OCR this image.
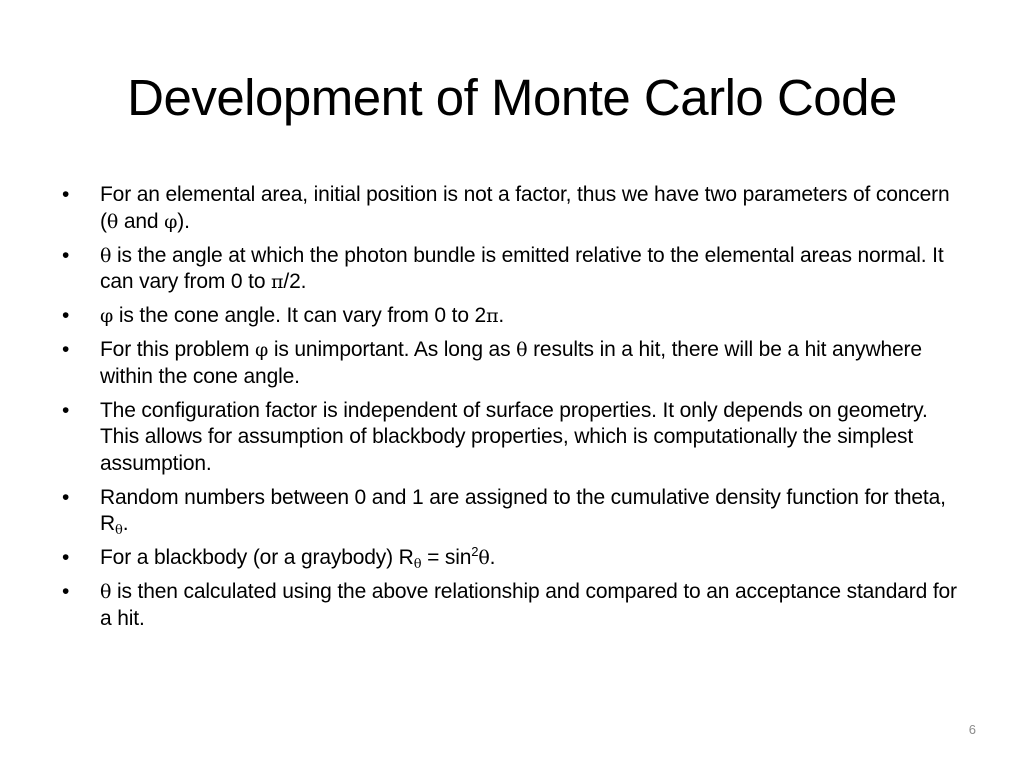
Development of Monte Carlo Code
•	For an elemental area, initial position is not a factor, thus we have two parameters of concern (θ and φ).
•	θ is the angle at which the photon bundle is emitted relative to the elemental areas normal. It can vary from 0 to π/2.
•	φ is the cone angle. It can vary from 0 to 2π.
•	For this problem φ is unimportant. As long as θ results in a hit, there will be a hit anywhere within the cone angle.
•	The configuration factor is independent of surface properties. It only depends on geometry. This allows for assumption of blackbody properties, which is computationally the simplest assumption.
•	Random numbers between 0 and 1 are assigned to the cumulative density function for theta, $R_\theta$.
•	For a blackbody (or a graybody) $R_\theta = \sin^2\theta$.
•	θ is then calculated using the above relationship and compared to an acceptance standard for a hit.
6
